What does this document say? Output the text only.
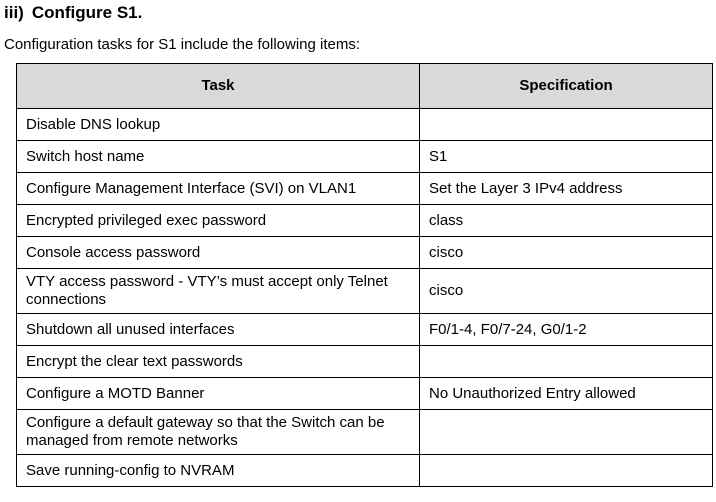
iii) Configure S1.

Configuration tasks for S1 include the following items:

Task	Specification
Disable DNS lookup	
Switch host name	S1
Configure Management Interface (SVI) on VLAN1	Set the Layer 3 IPv4 address
Encrypted privileged exec password	class
Console access password	cisco
VTY access password - VTY’s must accept only Telnet connections	cisco
Shutdown all unused interfaces	F0/1-4, F0/7-24, G0/1-2
Encrypt the clear text passwords	
Configure a MOTD Banner	No Unauthorized Entry allowed
Configure a default gateway so that the Switch can be managed from remote networks	
Save running-config to NVRAM	
